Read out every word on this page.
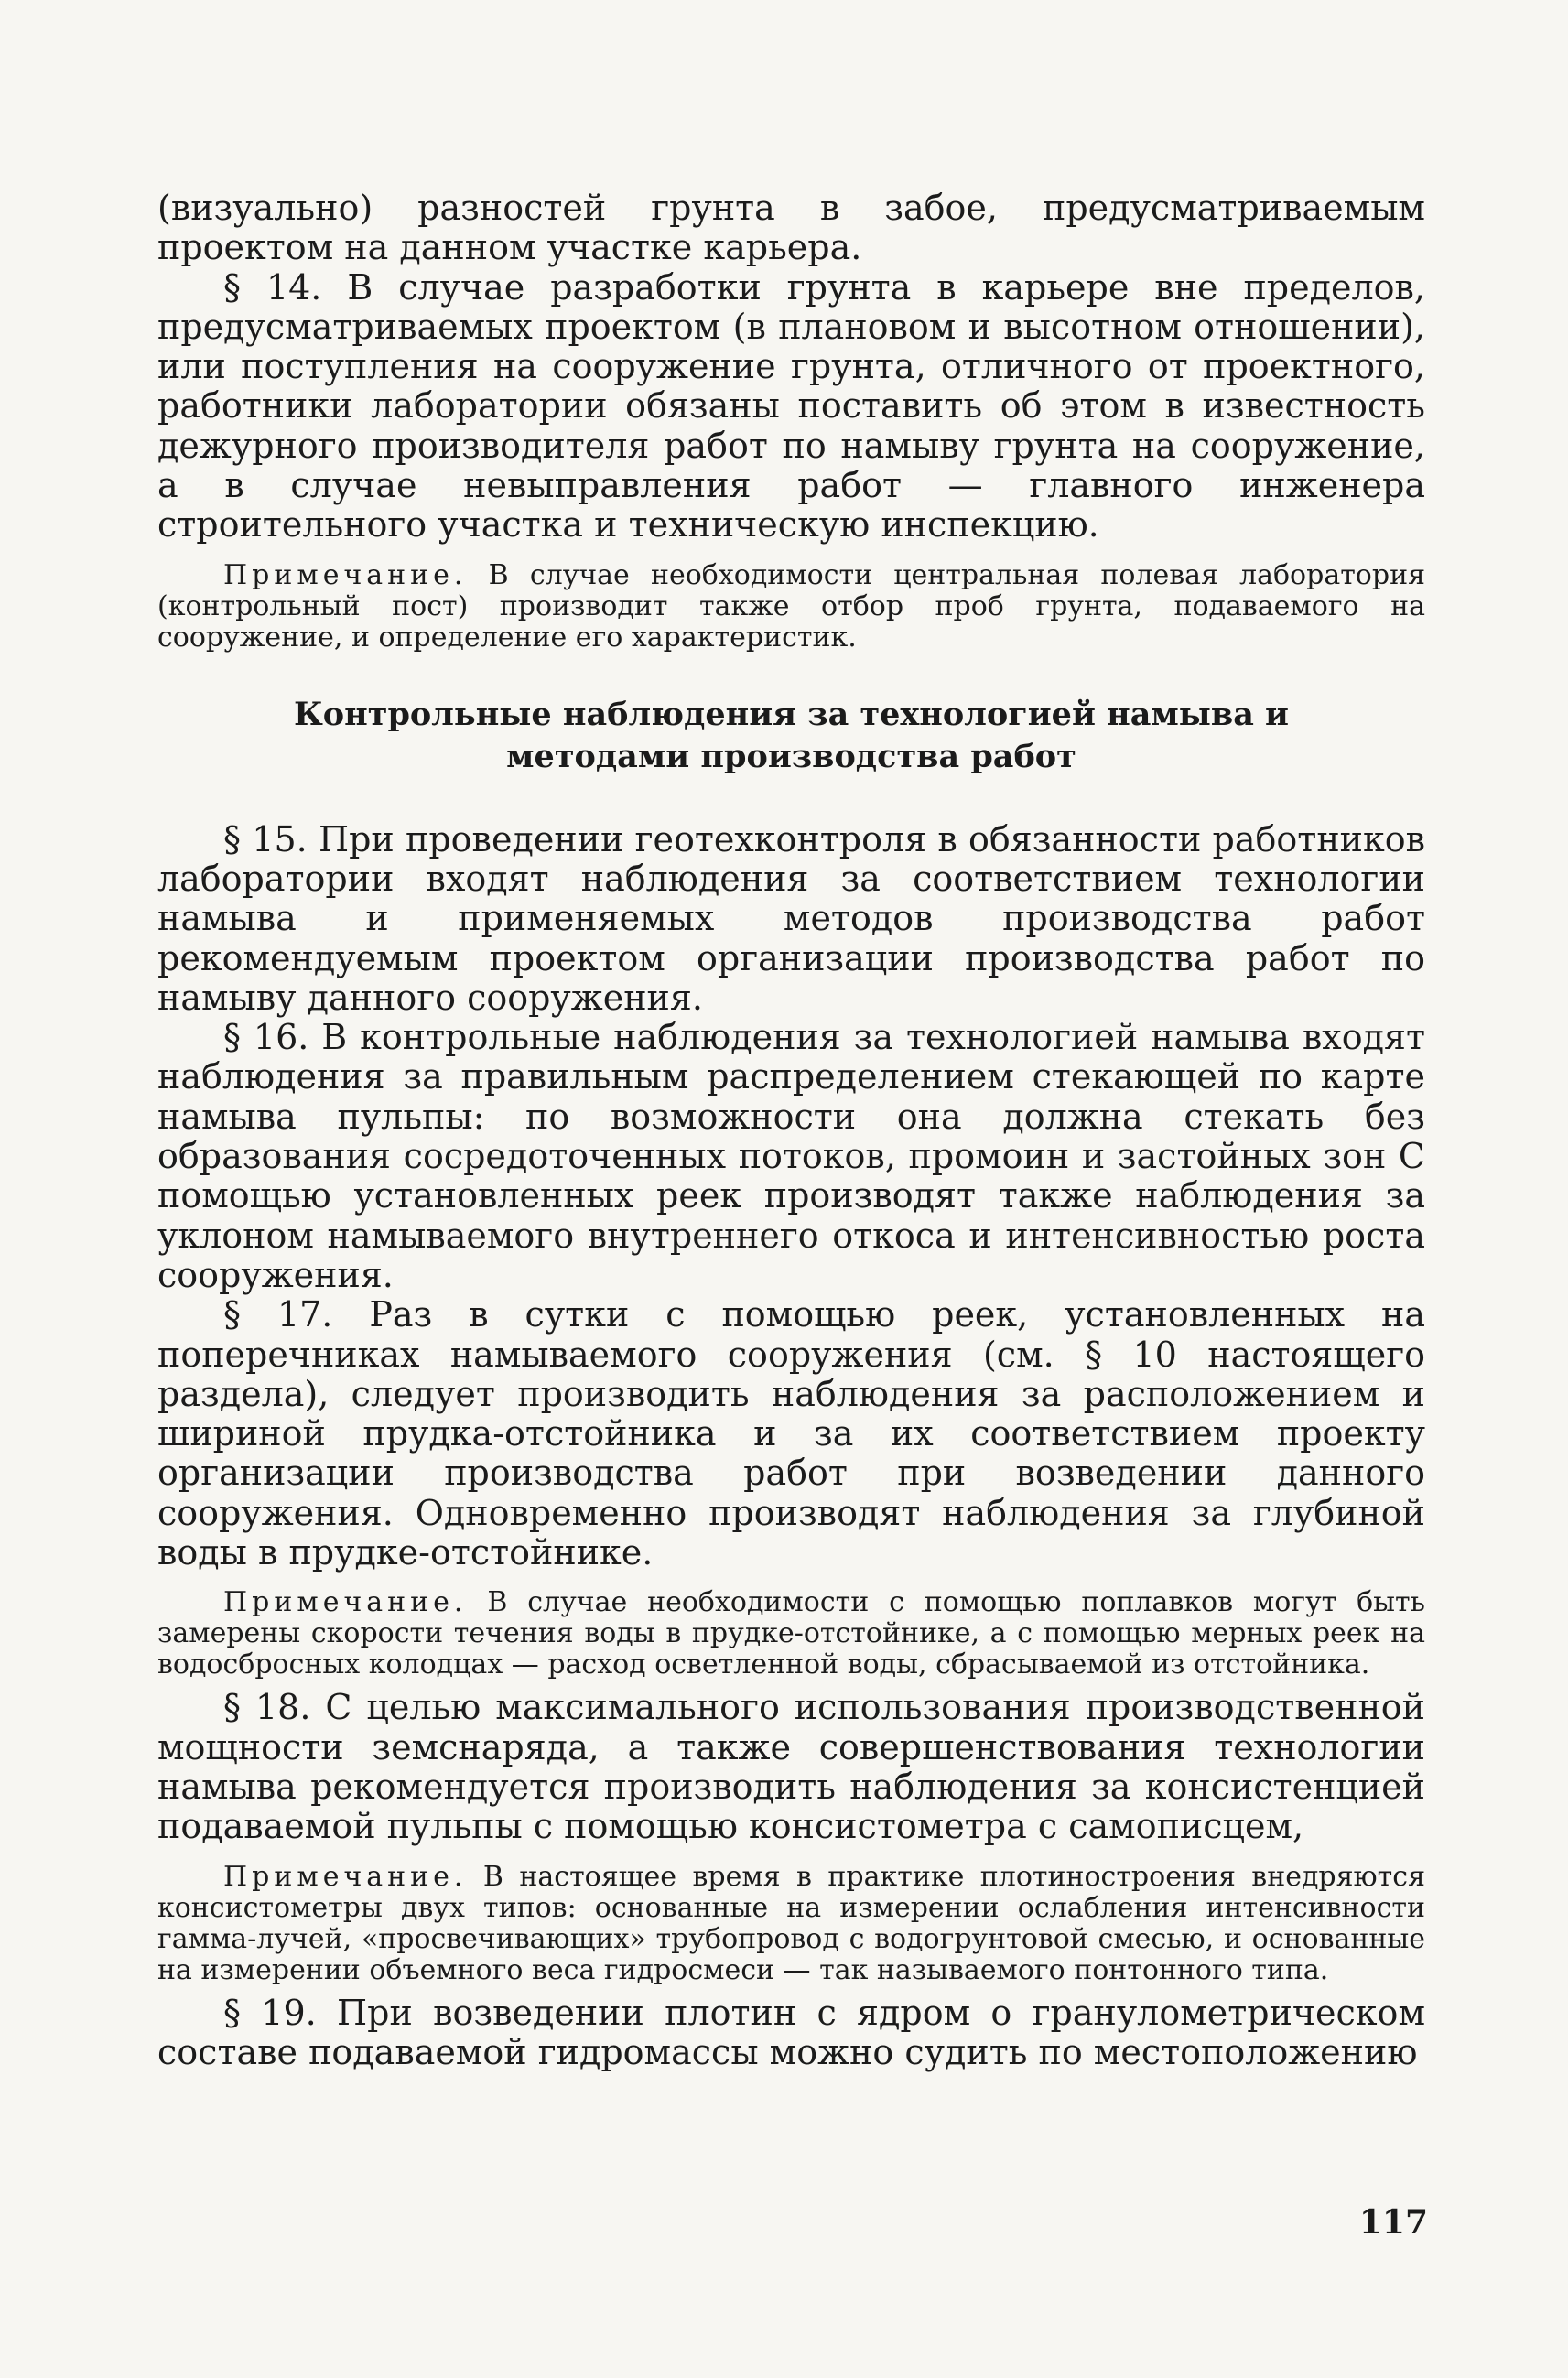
(визуально) разностей грунта в забое, предусматриваемым проектом на данном участке карьера.

§ 14. В случае разработки грунта в карьере вне пределов, предусматриваемых проектом (в плановом и высотном отношении), или поступления на сооружение грунта, отличного от проектного, работники лаборатории обязаны поставить об этом в известность дежурного производителя работ по намыву грунта на сооружение, а в случае невыправления работ — главного инженера строительного участка и техническую инспекцию.

Примечание. В случае необходимости центральная полевая лаборатория (контрольный пост) производит также отбор проб грунта, подаваемого на сооружение, и определение его характеристик.

Контрольные наблюдения за технологией намыва и
методами производства работ

§ 15. При проведении геотехконтроля в обязанности работников лаборатории входят наблюдения за соответствием технологии намыва и применяемых методов производства работ рекомендуемым проектом организации производства работ по намыву данного сооружения.

§ 16. В контрольные наблюдения за технологией намыва входят наблюдения за правильным распределением стекающей по карте намыва пульпы: по возможности она должна стекать без образования сосредоточенных потоков, промоин и застойных зон С помощью установленных реек производят также наблюдения за уклоном намываемого внутреннего откоса и интенсивностью роста сооружения.

§ 17. Раз в сутки с помощью реек, установленных на поперечниках намываемого сооружения (см. § 10 настоящего раздела), следует производить наблюдения за расположением и шириной прудка-отстойника и за их соответствием проекту организации производства работ при возведении данного сооружения. Одновременно производят наблюдения за глубиной воды в прудке-отстойнике.

Примечание. В случае необходимости с помощью поплавков могут быть замерены скорости течения воды в прудке-отстойнике, а с помощью мерных реек на водосбросных колодцах — расход осветленной воды, сбрасываемой из отстойника.

§ 18. С целью максимального использования производственной мощности земснаряда, а также совершенствования технологии намыва рекомендуется производить наблюдения за консистенцией подаваемой пульпы с помощью консистометра с самописцем,

Примечание. В настоящее время в практике плотиностроения внедряются консистометры двух типов: основанные на измерении ослабления интенсивности гамма-лучей, «просвечивающих» трубопровод с водогрунтовой смесью, и основанные на измерении объемного веса гидросмеси — так называемого понтонного типа.

§ 19. При возведении плотин с ядром о гранулометрическом составе подаваемой гидромассы можно судить по местоположению

117
